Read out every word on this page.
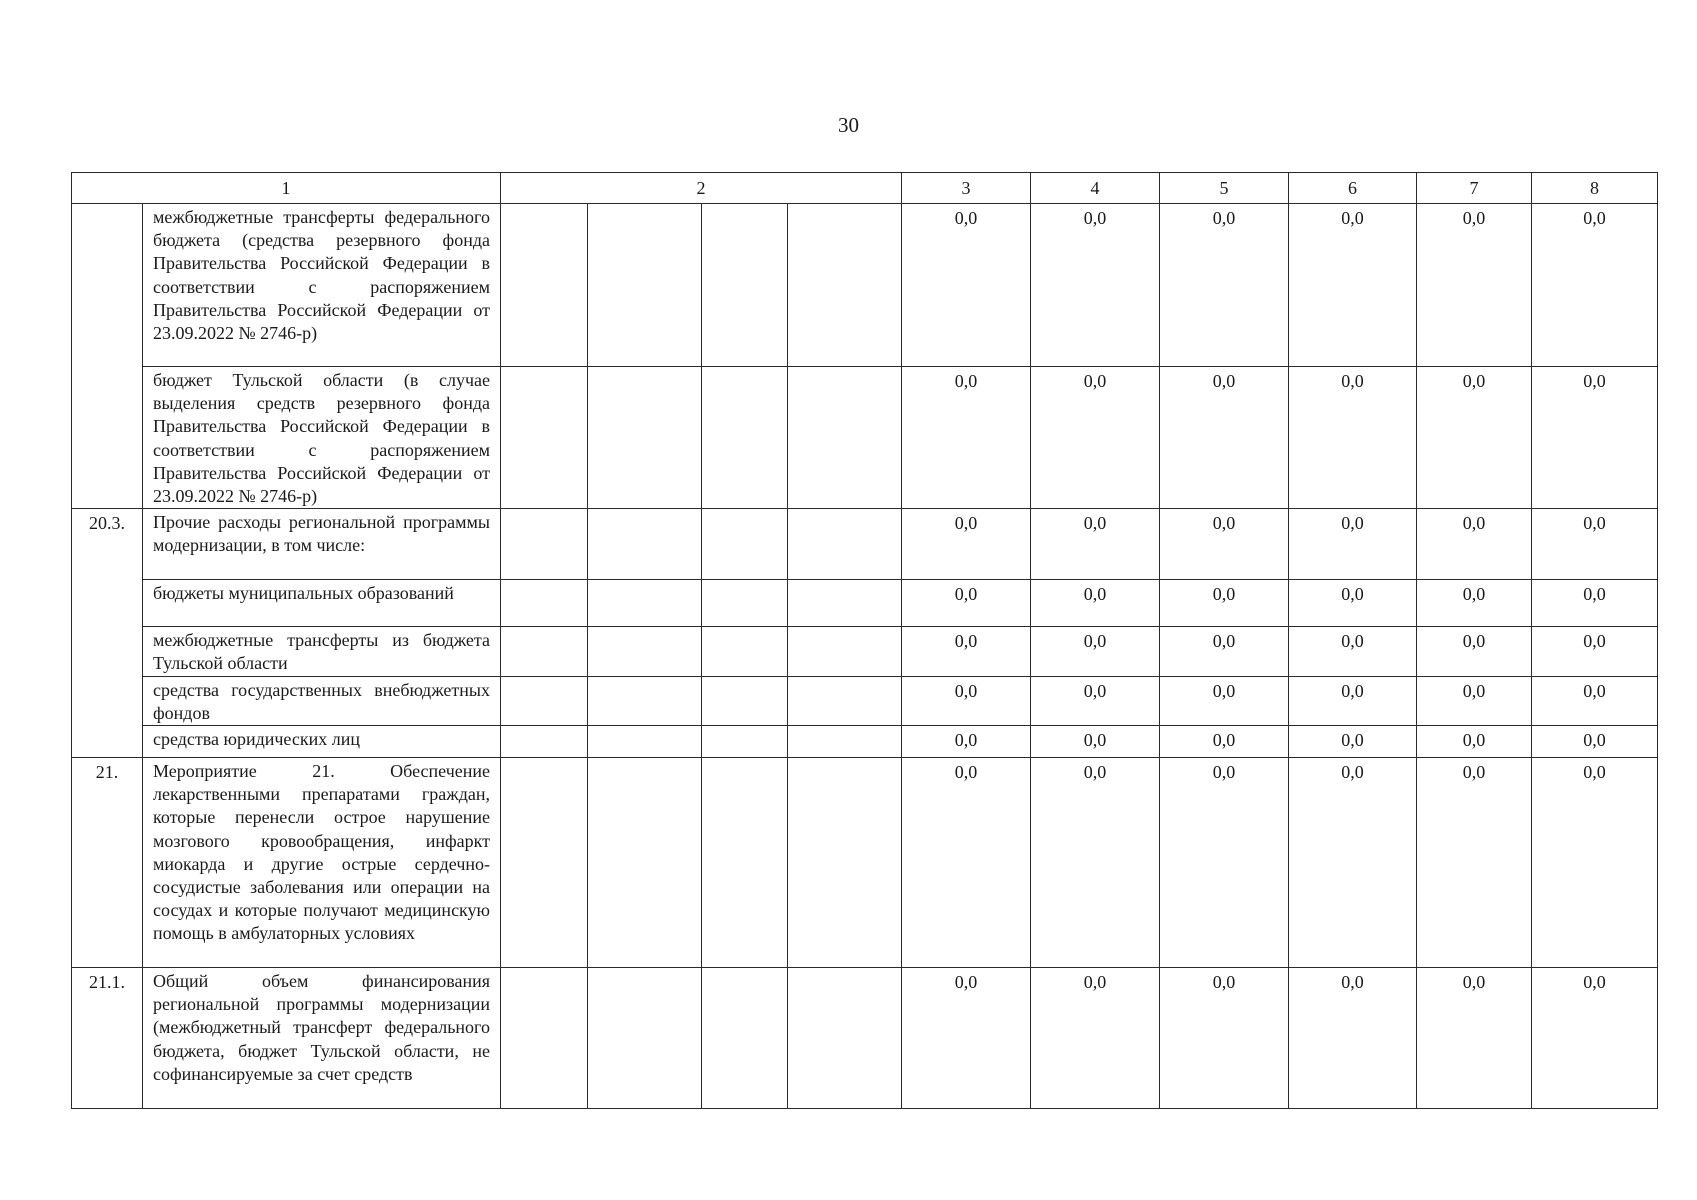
30
1		2				3	4	5	6	7	8
	межбюджетные трансферты федерального бюджета (средства резервного фонда Правительства Российской Федерации в соответствии с распоряжением Правительства Российской Федерации от 23.09.2022 № 2746-р)					0,0	0,0	0,0	0,0	0,0	0,0
	бюджет Тульской области (в случае выделения средств резервного фонда Правительства Российской Федерации в соответствии с распоряжением Правительства Российской Федерации от 23.09.2022 № 2746-р)					0,0	0,0	0,0	0,0	0,0	0,0
20.3.	Прочие расходы региональной программы модернизации, в том числе:					0,0	0,0	0,0	0,0	0,0	0,0
	бюджеты муниципальных образований					0,0	0,0	0,0	0,0	0,0	0,0
	межбюджетные трансферты из бюджета Тульской области					0,0	0,0	0,0	0,0	0,0	0,0
	средства государственных внебюджетных фондов					0,0	0,0	0,0	0,0	0,0	0,0
	средства юридических лиц					0,0	0,0	0,0	0,0	0,0	0,0
21.	Мероприятие 21. Обеспечение лекарственными препаратами граждан, которые перенесли острое нарушение мозгового кровообращения, инфаркт миокарда и другие острые сердечно-сосудистые заболевания или операции на сосудах и которые получают медицинскую помощь в амбулаторных условиях					0,0	0,0	0,0	0,0	0,0	0,0
21.1.	Общий объем финансирования региональной программы модернизации (межбюджетный трансферт федерального бюджета, бюджет Тульской области, не софинансируемые за счет средств					0,0	0,0	0,0	0,0	0,0	0,0
